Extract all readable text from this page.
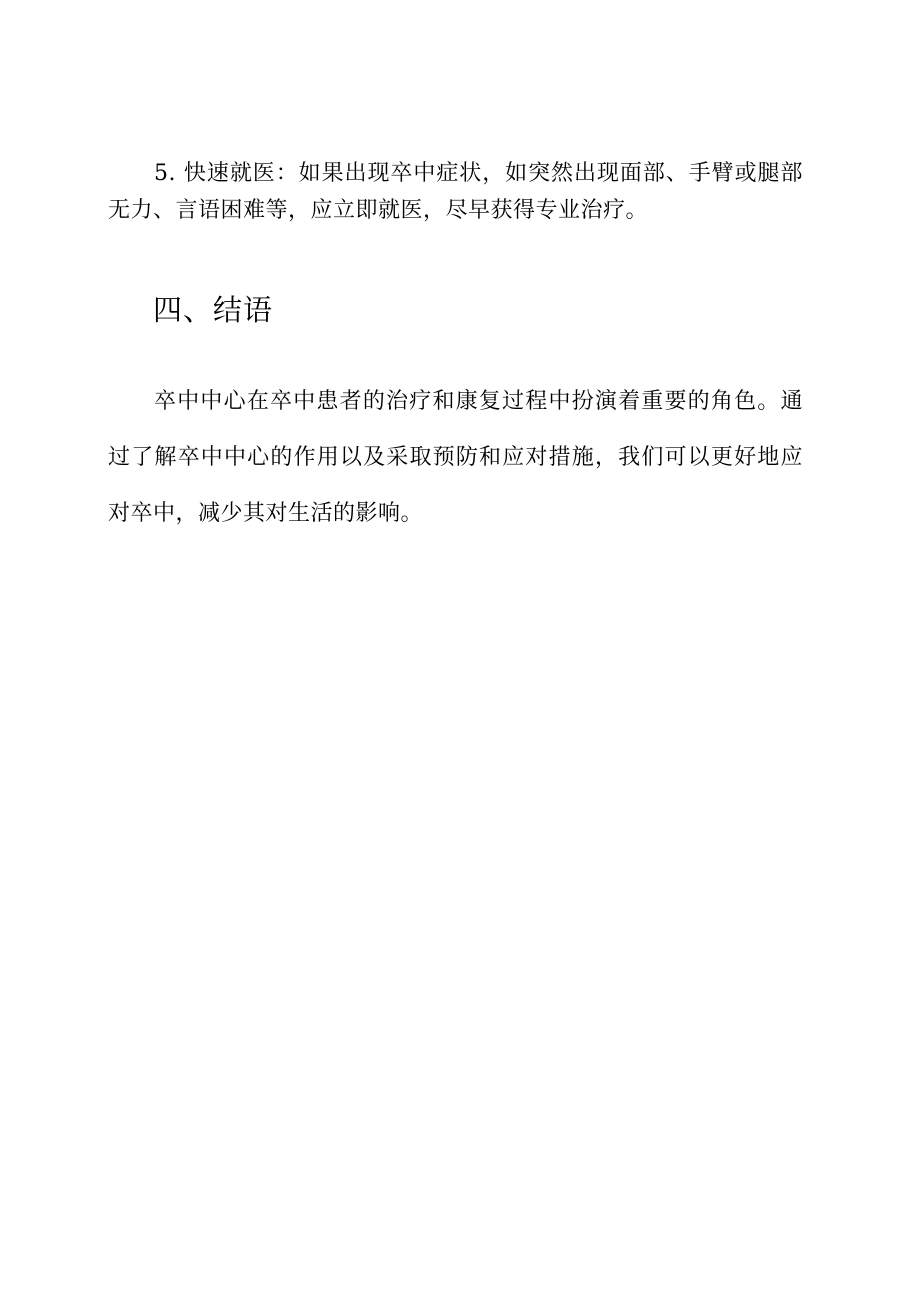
5. 快速就医：如果出现卒中症状，如突然出现面部、手臂或腿部无力、言语困难等，应立即就医，尽早获得专业治疗。

四、结语

卒中中心在卒中患者的治疗和康复过程中扮演着重要的角色。通过了解卒中中心的作用以及采取预防和应对措施，我们可以更好地应对卒中，减少其对生活的影响。
